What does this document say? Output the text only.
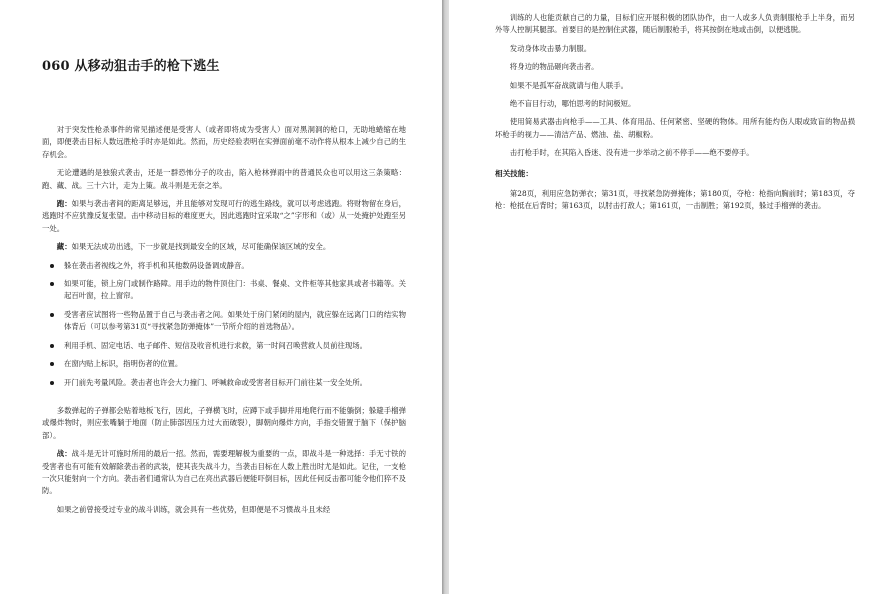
060 从移动狙击手的枪下逃生

对于突发性枪杀事件的常见描述便是受害人（或者即将成为受害人）面对黑洞洞的枪口，无助地蜷缩在地面，即便袭击目标人数远胜枪手时亦是如此。然而，历史经验表明在实弹面前毫不动作将从根本上减少自己的生存机会。

无论遭遇的是独狼式袭击，还是一群恐怖分子的攻击，陷入枪林弹雨中的普通民众也可以用这三条策略：跑、藏、战。三十六计，走为上策。战斗则是无奈之举。

跑：如果与袭击者间的距离足够远，并且能够对发现可行的逃生路线，就可以考虑逃跑。将财物留在身后，逃跑时不应犹豫反复张望。击中移动目标的难度更大，因此逃跑时宜采取“之”字形和（或）从一处掩护处跑至另一处。

藏：如果无法成功出逃，下一步就是找到最安全的区域，尽可能确保该区域的安全。

躲在袭击者视线之外，将手机和其他数码设备调成静音。
如果可能，锁上房门或制作路障。用手边的物件顶住门：书桌、餐桌、文件柜等其他家具或者书籍等。关起百叶窗，拉上窗帘。
受害者应试图将一些物品置于自己与袭击者之间。如果处于房门紧闭的屋内，就应躲在远离门口的结实物体背后（可以参考第31页“寻找紧急防弹掩体”一节所介绍的首选物品）。
利用手机、固定电话、电子邮件、短信及收音机进行求救，第一时间召唤营救人员前往现场。
在窗内贴上标识，指明伤者的位置。
开门前先考量风险。袭击者也许会大力撞门、呼喊救命或受害者目标开门前往某一安全处所。

多数弹起的子弹都会贴着地板飞行，因此，子弹横飞时，应蹲下或手脚并用地爬行而不能躺倒；躲避手榴弹或爆炸物时，则应张嘴躺于地面（防止肺部因压力过大而破裂），脚朝向爆炸方向，手指交错置于脑下（保护脑部）。

战：战斗是无计可施时所用的最后一招。然而，需要理解极为重要的一点，即战斗是一种选择：手无寸铁的受害者也有可能有效解除袭击者的武装，使其丧失战斗力，当袭击目标在人数上胜出时尤是如此。记住，一支枪一次只能射向一个方向。袭击者们通常认为自己在亮出武器后便能吓倒目标，因此任何反击都可能令他们猝不及防。

如果之前曾接受过专业的战斗训练，就会具有一些优势，但即便是不习惯战斗且未经

训练的人也能贡献自己的力量，目标们应开展积极的团队协作，由一人或多人负责制服枪手上半身，而另外等人控制其腿部。首要目的是控制住武器，随后制服枪手，将其按倒在地或击倒，以便逃脱。

发动身体攻击暴力制服。

将身边的物品砸向袭击者。

如果不是孤军奋战就请与他人联手。

绝不盲目行动，哪怕思考的时间极短。

使用简易武器击向枪手——工具、体育用品、任何紧密、坚硬的物体。用所有能灼伤人眼或致盲的物品损坏枪手的视力——清洁产品、燃油、盐、胡椒粉。

击打枪手时，在其陷入昏迷、没有进一步举动之前不停手——绝不要停手。

相关技能：

第28页，利用应急防弹衣；第31页，寻找紧急防弹掩体；第180页，夺枪：枪指向胸前时；第183页，夺枪：枪抵在后背时；第163页，以肘击打敌人；第161页，一击制胜；第192页，躲过手榴弹的袭击。
